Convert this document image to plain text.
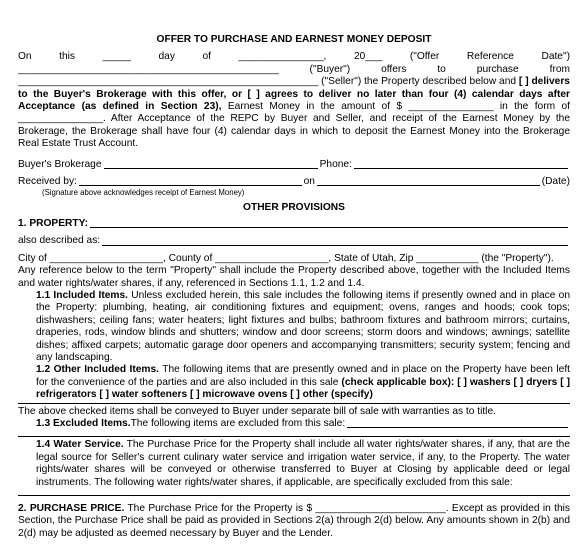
OFFER TO PURCHASE AND EARNEST MONEY DEPOSIT

On this _____ day of _______________, 20___ ("Offer Reference Date") ______________________________________________ ("Buyer") offers to purchase from _____________________________________________________ ("Seller") the Property described below and [ ] delivers to the Buyer's Brokerage with this offer, or [ ] agrees to deliver no later than four (4) calendar days after Acceptance (as defined in Section 23), Earnest Money in the amount of $ _______________ in the form of _______________. After Acceptance of the REPC by Buyer and Seller, and receipt of the Earnest Money by the Brokerage, the Brokerage shall have four (4) calendar days in which to deposit the Earnest Money into the Brokerage Real Estate Trust Account.

Buyer's Brokerage	Phone:
Received by:	on	(Date)
(Signature above acknowledges receipt of Earnest Money)
OTHER PROVISIONS
1. PROPERTY:
also described as:

City of ____________________, County of ____________________, State of Utah, Zip ___________ (the "Property").

Any reference below to the term "Property" shall include the Property described above, together with the Included Items and water rights/water shares, if any, referenced in Sections 1.1, 1.2 and 1.4.

1.1 Included Items. Unless excluded herein, this sale includes the following items if presently owned and in place on the Property: plumbing, heating, air conditioning fixtures and equipment; ovens, ranges and hoods; cook tops; dishwashers; ceiling fans; water heaters; light fixtures and bulbs; bathroom fixtures and bathroom mirrors; curtains, draperies, rods, window blinds and shutters; window and door screens; storm doors and windows; awnings; satellite dishes; affixed carpets; automatic garage door openers and accompanying transmitters; security system; fencing and any landscaping.

1.2 Other Included Items. The following items that are presently owned and in place on the Property have been left for the convenience of the parties and are also included in this sale (check applicable box): [ ] washers [ ] dryers [ ] refrigerators [ ] water softeners [ ] microwave ovens [ ] other (specify)

The above checked items shall be conveyed to Buyer under separate bill of sale with warranties as to title.

1.3 Excluded Items. The following items are excluded from this sale:

1.4 Water Service. The Purchase Price for the Property shall include all water rights/water shares, if any, that are the legal source for Seller's current culinary water service and irrigation water service, if any, to the Property. The water rights/water shares will be conveyed or otherwise transferred to Buyer at Closing by applicable deed or legal instruments. The following water rights/water shares, if applicable, are specifically excluded from this sale:

2. PURCHASE PRICE. The Purchase Price for the Property is $ _______________________. Except as provided in this Section, the Purchase Price shall be paid as provided in Sections 2(a) through 2(d) below. Any amounts shown in 2(b) and 2(d) may be adjusted as deemed necessary by Buyer and the Lender.
